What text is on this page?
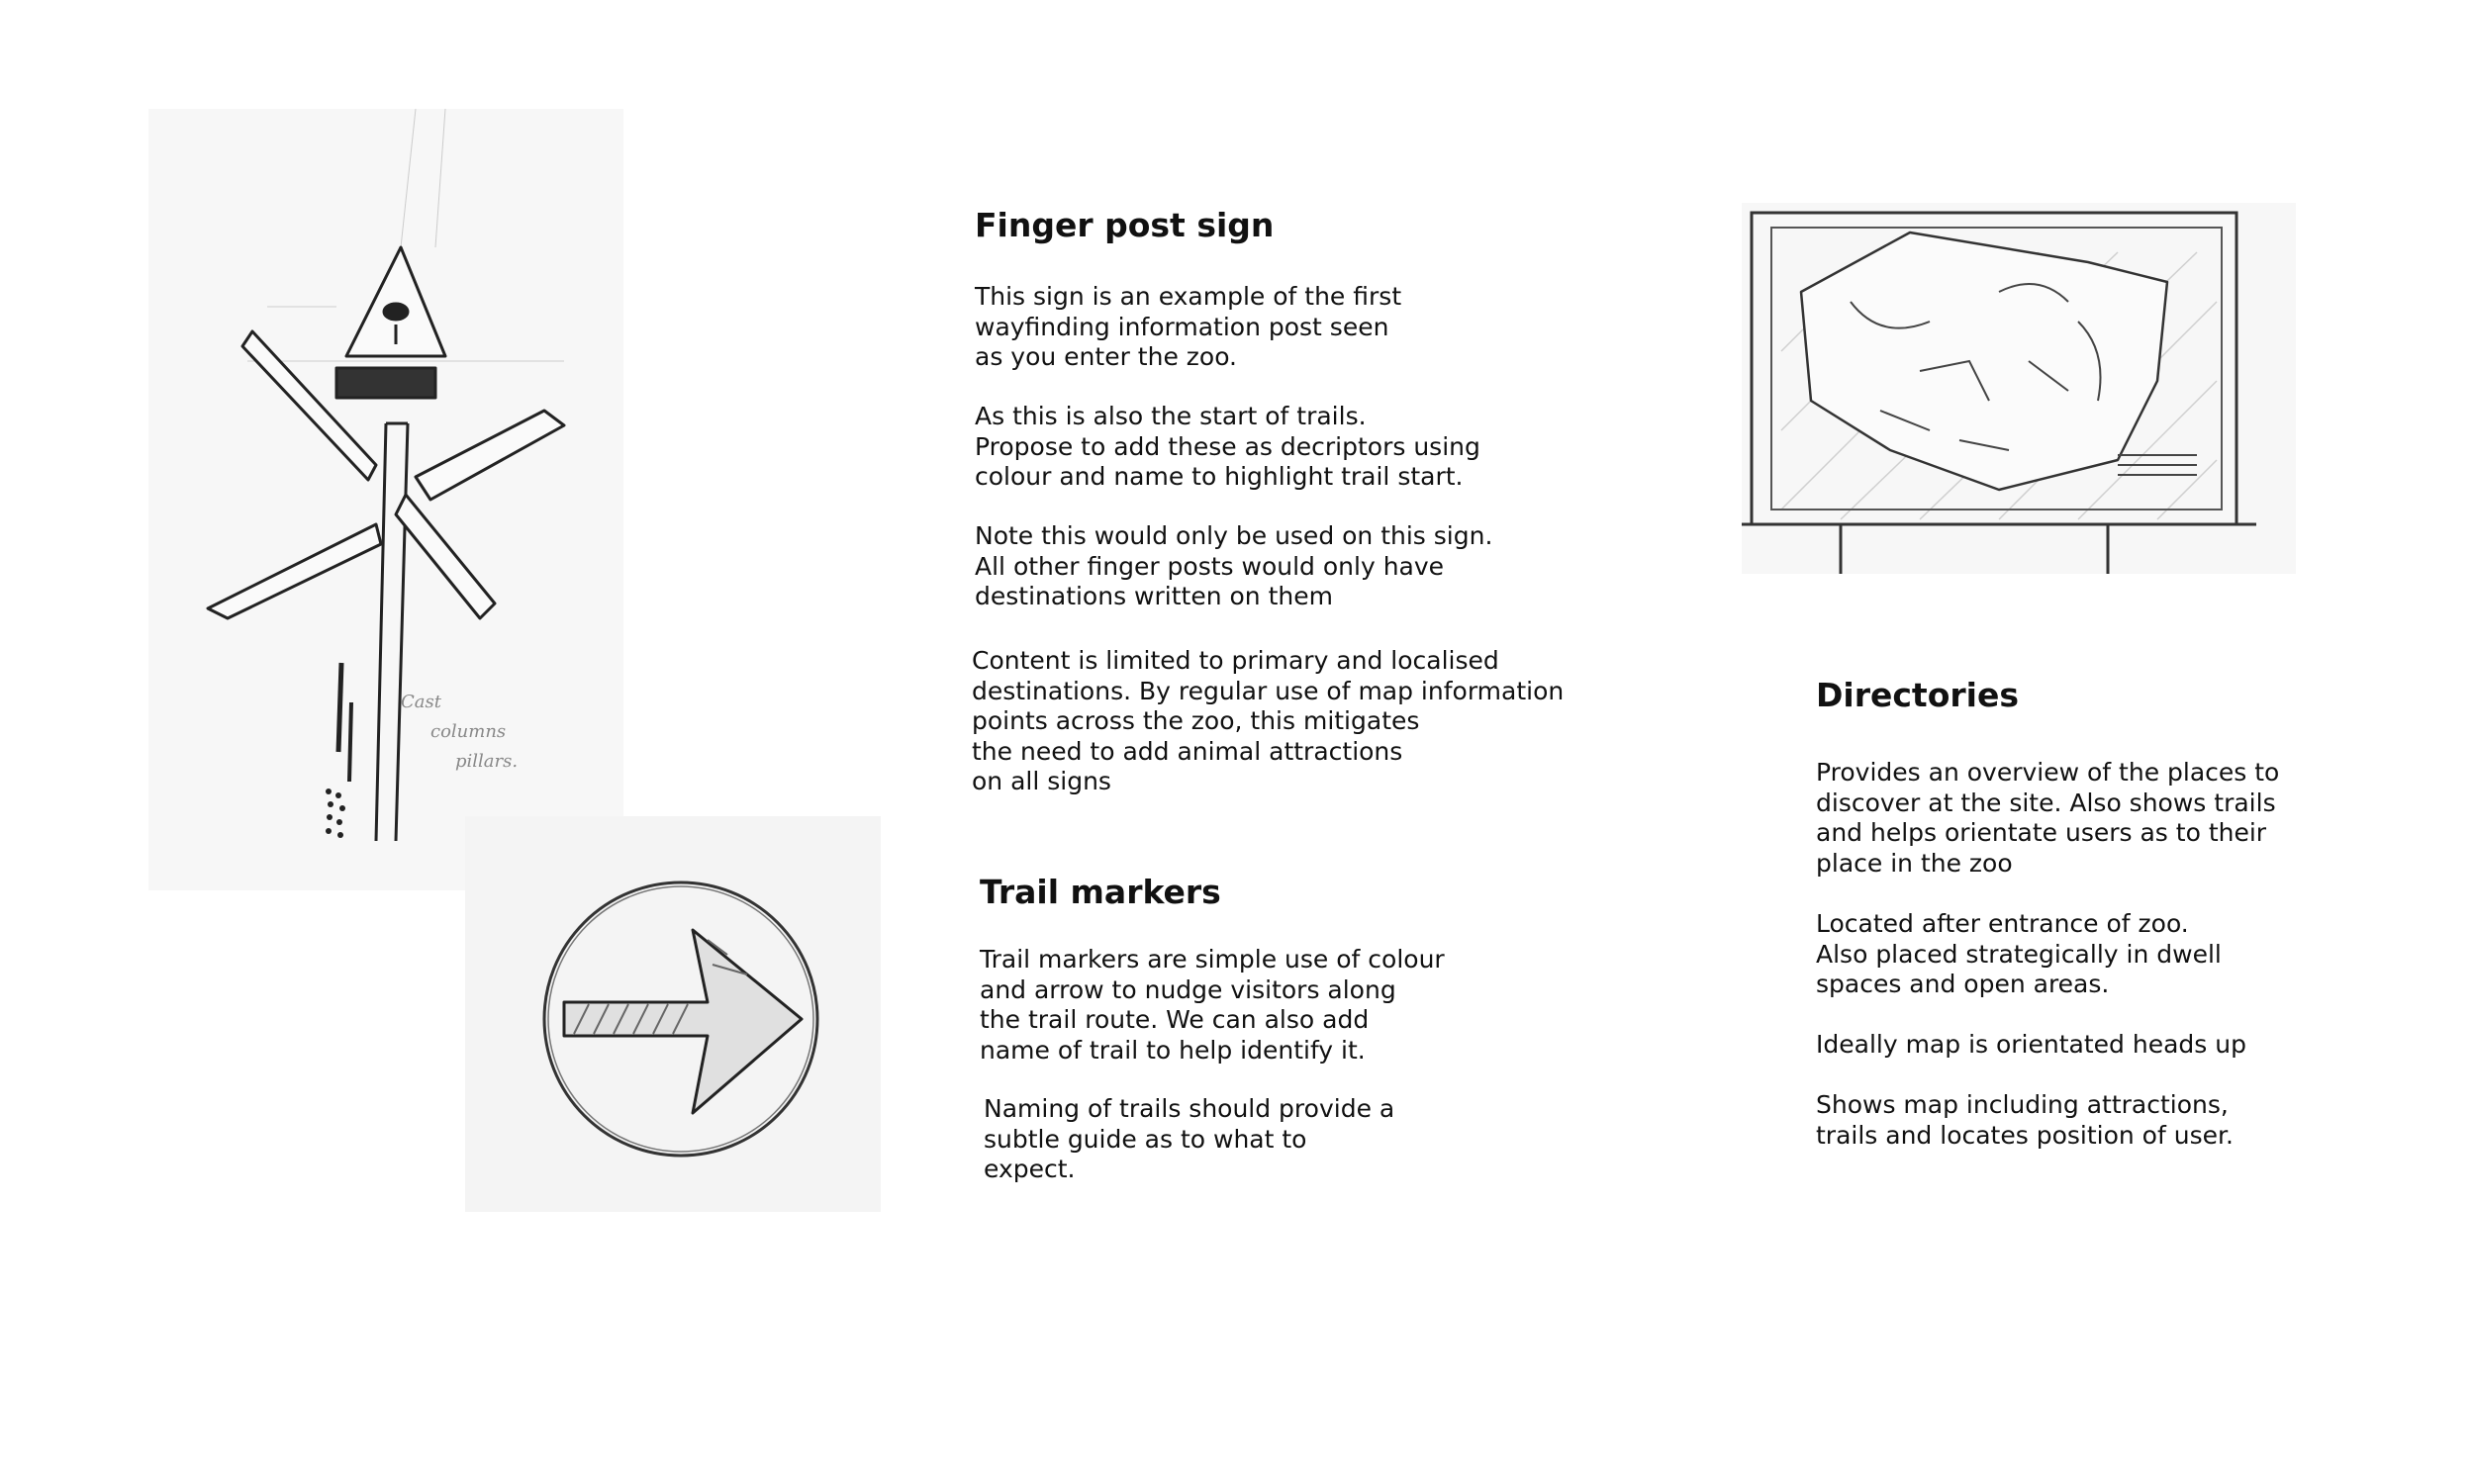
Cast
columns
pillars.
Finger post sign

This sign is an example of the first

wayfinding information post seen

as you enter the zoo.

As this is also the start of trails.

Propose to add these as decriptors using

colour and name to highlight trail start.

Note this would only be used on this sign.

All other finger posts would only have

destinations written on them

Content is limited to primary and localised

destinations. By regular use of map information

points across the zoo, this mitigates

the need to add animal attractions

on all signs

Trail markers

Trail markers are simple use of colour

and arrow to nudge visitors along

the trail route. We can also add

name of trail to help identify it.

Naming of trails should provide a

subtle guide as to what to

expect.

Directories

Provides an overview of the places to

discover at the site. Also shows trails

and helps orientate users as to their

place in the zoo

Located after entrance of zoo.

Also placed strategically in dwell

spaces and open areas.

Ideally map is orientated heads up

Shows map including attractions,

trails and locates position of user.
